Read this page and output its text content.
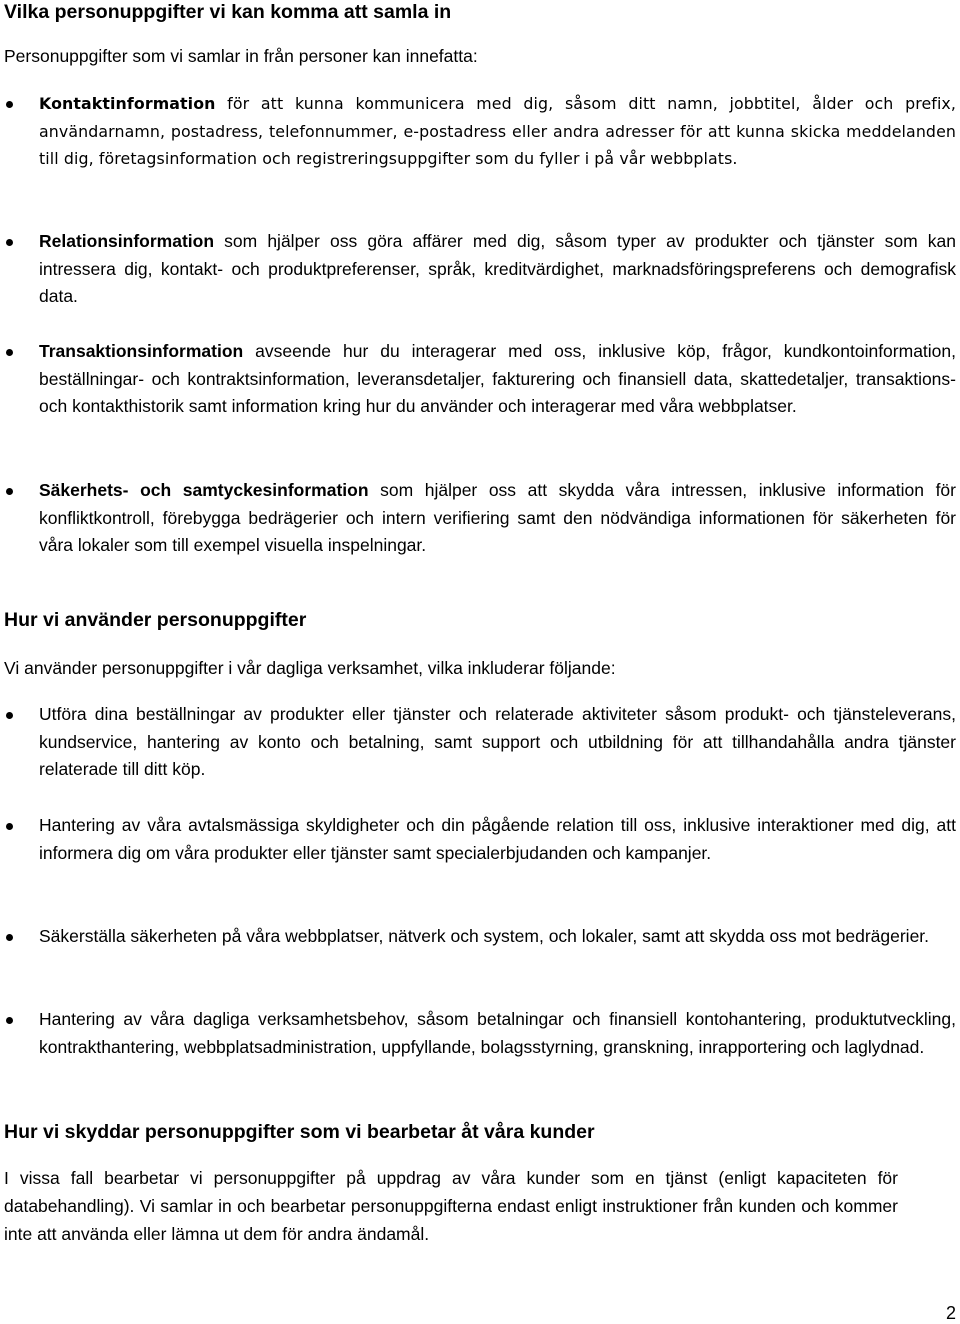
Vilka personuppgifter vi kan komma att samla in

Personuppgifter som vi samlar in från personer kan innefatta:

Kontaktinformation för att kunna kommunicera med dig, såsom ditt namn, jobbtitel, ålder och prefix, användarnamn, postadress, telefonnummer, e-postadress eller andra adresser för att kunna skicka meddelanden till dig, företagsinformation och registreringsuppgifter som du fyller i på vår webbplats.

Relationsinformation som hjälper oss göra affärer med dig, såsom typer av produkter och tjänster som kan intressera dig, kontakt- och produktpreferenser, språk, kreditvärdighet, marknadsföringspreferens och demografisk data.

Transaktionsinformation avseende hur du interagerar med oss, inklusive köp, frågor, kundkontoinformation, beställningar- och kontraktsinformation, leveransdetaljer, fakturering och finansiell data, skattedetaljer, transaktions- och kontakthistorik samt information kring hur du använder och interagerar med våra webbplatser.

Säkerhets- och samtyckesinformation som hjälper oss att skydda våra intressen, inklusive information för konfliktkontroll, förebygga bedrägerier och intern verifiering samt den nödvändiga informationen för säkerheten för våra lokaler som till exempel visuella inspelningar.

Hur vi använder personuppgifter

Vi använder personuppgifter i vår dagliga verksamhet, vilka inkluderar följande:

Utföra dina beställningar av produkter eller tjänster och relaterade aktiviteter såsom produkt- och tjänsteleverans, kundservice, hantering av konto och betalning, samt support och utbildning för att tillhandahålla andra tjänster relaterade till ditt köp.

Hantering av våra avtalsmässiga skyldigheter och din pågående relation till oss, inklusive interaktioner med dig, att informera dig om våra produkter eller tjänster samt specialerbjudanden och kampanjer.

Säkerställa säkerheten på våra webbplatser, nätverk och system, och lokaler, samt att skydda oss mot bedrägerier.

Hantering av våra dagliga verksamhetsbehov, såsom betalningar och finansiell kontohantering, produktutveckling, kontrakthantering, webbplatsadministration, uppfyllande, bolagsstyrning, granskning, inrapportering och laglydnad.

Hur vi skyddar personuppgifter som vi bearbetar åt våra kunder

I vissa fall bearbetar vi personuppgifter på uppdrag av våra kunder som en tjänst (enligt kapaciteten för databehandling). Vi samlar in och bearbetar personuppgifterna endast enligt instruktioner från kunden och kommer inte att använda eller lämna ut dem för andra ändamål.

2
